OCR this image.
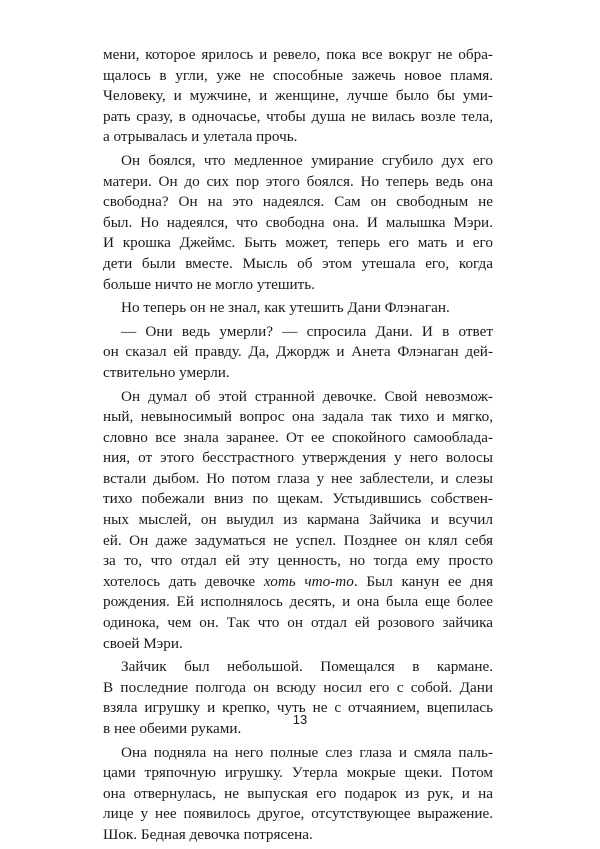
мени, которое ярилось и ревело, пока все вокруг не обра-
щалось в угли, уже не способные зажечь новое пламя.
Человеку, и мужчине, и женщине, лучше было бы уми-
рать сразу, в одночасье, чтобы душа не вилась возле тела,
а отрывалась и улетала прочь.
Он боялся, что медленное умирание сгубило дух его
матери. Он до сих пор этого боялся. Но теперь ведь она
свободна? Он на это надеялся. Сам он свободным не
был. Но надеялся, что свободна она. И малышка Мэри.
И крошка Джеймс. Быть может, теперь его мать и его
дети были вместе. Мысль об этом утешала его, когда
больше ничто не могло утешить.
Но теперь он не знал, как утешить Дани Флэнаган.
— Они ведь умерли? — спросила Дани. И в ответ
он сказал ей правду. Да, Джордж и Анета Флэнаган дей-
ствительно умерли.
Он думал об этой странной девочке. Свой невозмож-
ный, невыносимый вопрос она задала так тихо и мягко,
словно все знала заранее. От ее спокойного самооблада-
ния, от этого бесстрастного утверждения у него волосы
встали дыбом. Но потом глаза у нее заблестели, и слезы
тихо побежали вниз по щекам. Устыдившись собствен-
ных мыслей, он выудил из кармана Зайчика и всучил
ей. Он даже задуматься не успел. Позднее он клял себя
за то, что отдал ей эту ценность, но тогда ему просто
хотелось дать девочке хоть что-то. Был канун ее дня
рождения. Ей исполнялось десять, и она была еще более
одинока, чем он. Так что он отдал ей розового зайчика
своей Мэри.
Зайчик был небольшой. Помещался в кармане.
В последние полгода он всюду носил его с собой. Дани
взяла игрушку и крепко, чуть не с отчаянием, вцепилась
в нее обеими руками.
Она подняла на него полные слез глаза и смяла паль-
цами тряпочную игрушку. Утерла мокрые щеки. Потом
она отвернулась, не выпуская его подарок из рук, и на
лице у нее появилось другое, отсутствующее выражение.
Шок. Бедная девочка потрясена.
13
